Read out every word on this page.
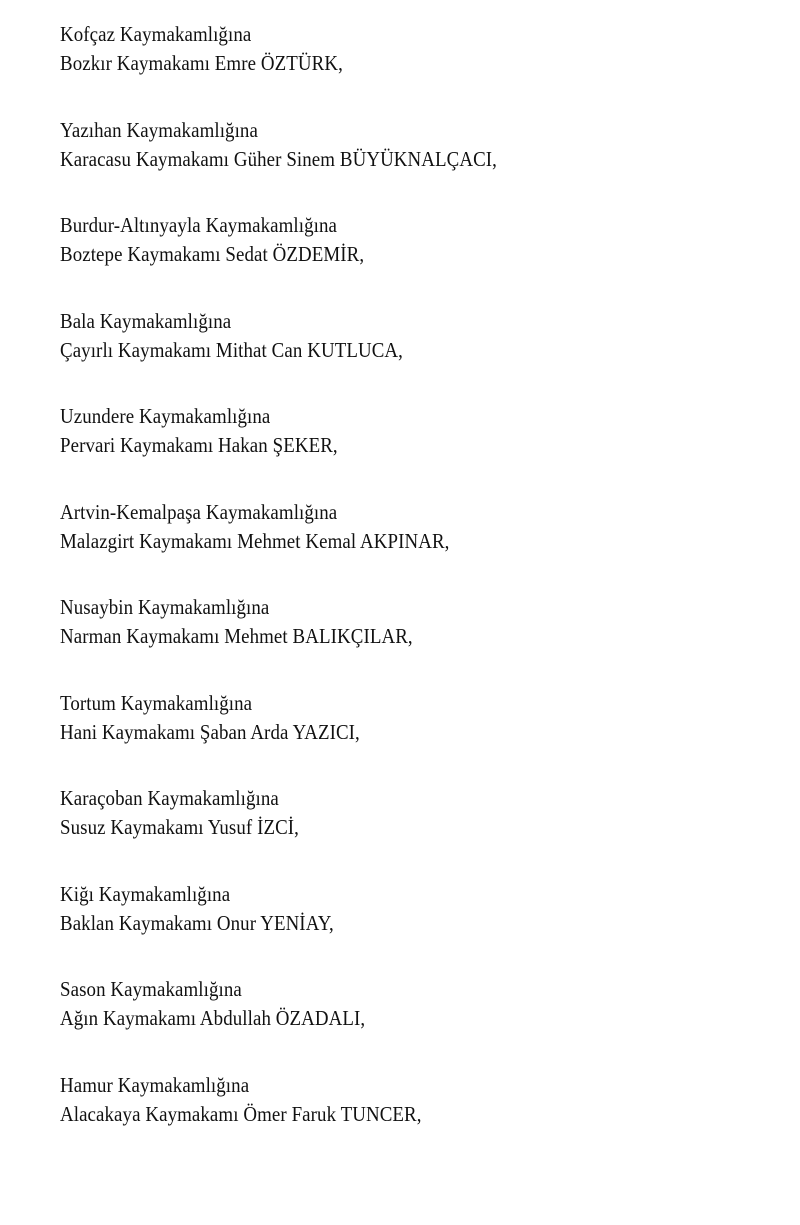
Kofçaz Kaymakamlığına
Bozkır Kaymakamı Emre ÖZTÜRK,
Yazıhan Kaymakamlığına
Karacasu Kaymakamı Güher Sinem BÜYÜKNALÇACI,
Burdur-Altınyayla Kaymakamlığına
Boztepe Kaymakamı Sedat ÖZDEMİR,
Bala Kaymakamlığına
Çayırlı Kaymakamı Mithat Can KUTLUCA,
Uzundere Kaymakamlığına
Pervari Kaymakamı Hakan ŞEKER,
Artvin-Kemalpaşa Kaymakamlığına
Malazgirt Kaymakamı Mehmet Kemal AKPINAR,
Nusaybin Kaymakamlığına
Narman Kaymakamı Mehmet BALIKÇILAR,
Tortum Kaymakamlığına
Hani Kaymakamı Şaban Arda YAZICI,
Karaçoban Kaymakamlığına
Susuz Kaymakamı Yusuf İZCİ,
Kiğı Kaymakamlığına
Baklan Kaymakamı Onur YENİAY,
Sason Kaymakamlığına
Ağın Kaymakamı Abdullah ÖZADALI,
Hamur Kaymakamlığına
Alacakaya Kaymakamı Ömer Faruk TUNCER,
